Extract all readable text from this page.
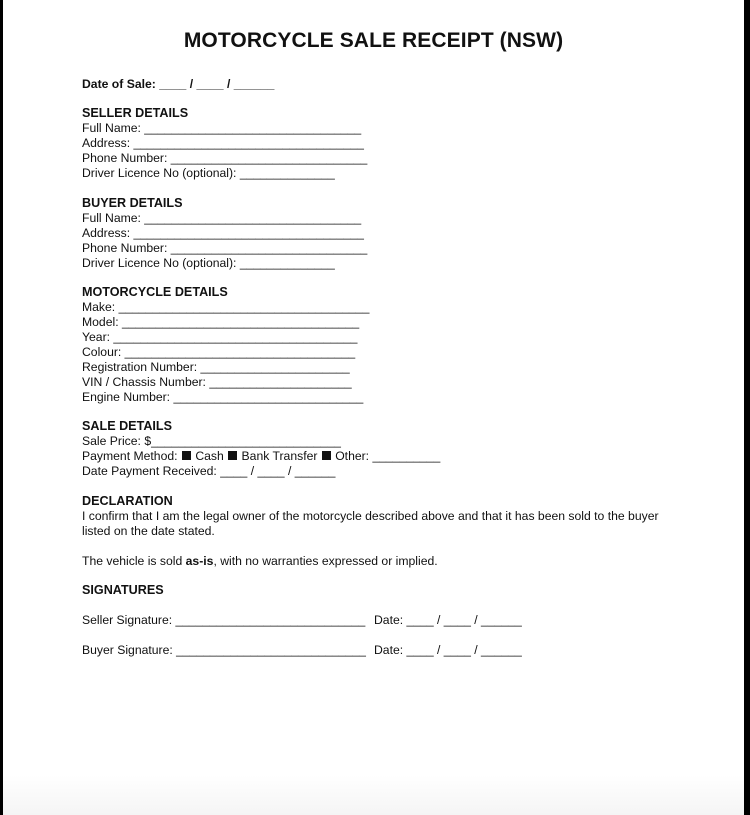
MOTORCYCLE SALE RECEIPT (NSW)
Date of Sale: ____ / ____ / ______
SELLER DETAILS
Full Name: ________________________________
Address: __________________________________
Phone Number: _____________________________
Driver Licence No (optional): ______________
BUYER DETAILS
Full Name: ________________________________
Address: __________________________________
Phone Number: _____________________________
Driver Licence No (optional): ______________
MOTORCYCLE DETAILS
Make: _____________________________________
Model: ___________________________________
Year: ____________________________________
Colour: __________________________________
Registration Number: ______________________
VIN / Chassis Number: _____________________
Engine Number: ____________________________
SALE DETAILS
Sale Price: $____________________________
Payment Method: Cash Bank Transfer Other: __________
Date Payment Received: ____ / ____ / ______
DECLARATION
I confirm that I am the legal owner of the motorcycle described above and that it has been sold to the buyer listed on the date stated.
The vehicle is sold as-is, with no warranties expressed or implied.
SIGNATURES
Seller Signature: ____________________________ Date: ____ / ____ / ______
Buyer Signature: ____________________________ Date: ____ / ____ / ______
